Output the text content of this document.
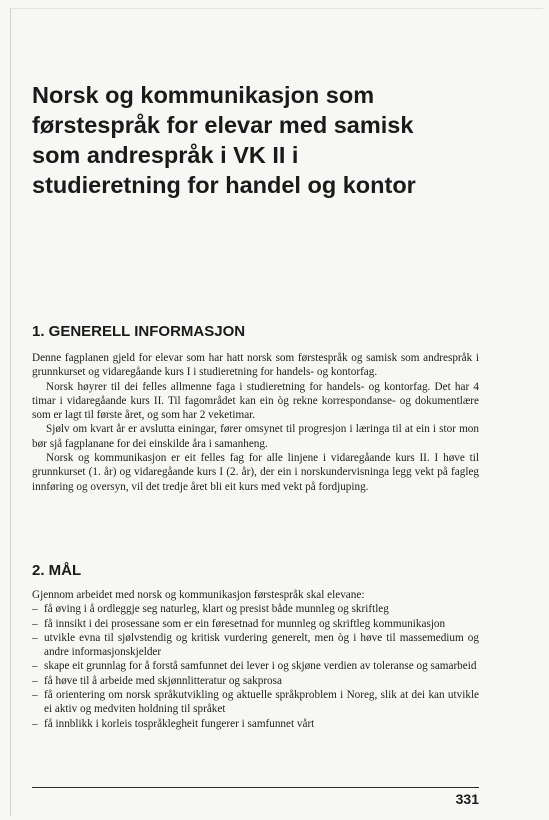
Norsk og kommunikasjon som
førstespråk for elevar med samisk
som andrespråk i VK II i
studieretning for handel og kontor
1. GENERELL INFORMASJON

Denne fagplanen gjeld for elevar som har hatt norsk som førstespråk og samisk som andrespråk i grunnkurset og vidaregåande kurs I i studieretning for handels- og kontorfag.

Norsk høyrer til dei felles allmenne faga i studieretning for handels- og kontorfag. Det har 4 timar i vidaregåande kurs II. Til fagområdet kan ein òg rekne korrespondanse- og dokumentlære som er lagt til første året, og som har 2 veketimar.

Sjølv om kvart år er avslutta einingar, fører omsynet til progresjon i læringa til at ein i stor mon bør sjå fagplanane for dei einskilde åra i samanheng.

Norsk og kommunikasjon er eit felles fag for alle linjene i vidaregåande kurs II. I høve til grunnkurset (1. år) og vidaregåande kurs I (2. år), der ein i norskundervisninga legg vekt på fagleg innføring og oversyn, vil det tredje året bli eit kurs med vekt på fordjuping.

2. MÅL

Gjennom arbeidet med norsk og kommunikasjon førstespråk skal elevane:

– få øving i å ordleggje seg naturleg, klart og presist både munnleg og skriftleg
– få innsikt i dei prosessane som er ein føresetnad for munnleg og skriftleg kommunikasjon
– utvikle evna til sjølvstendig og kritisk vurdering generelt, men òg i høve til massemedium og andre informasjonskjelder
– skape eit grunnlag for å forstå samfunnet dei lever i og skjøne verdien av toleranse og samarbeid
– få høve til å arbeide med skjønnlitteratur og sakprosa
– få orientering om norsk språkutvikling og aktuelle språkproblem i Noreg, slik at dei kan utvikle ei aktiv og medviten holdning til språket
– få innblikk i korleis tospråklegheit fungerer i samfunnet vårt
331
